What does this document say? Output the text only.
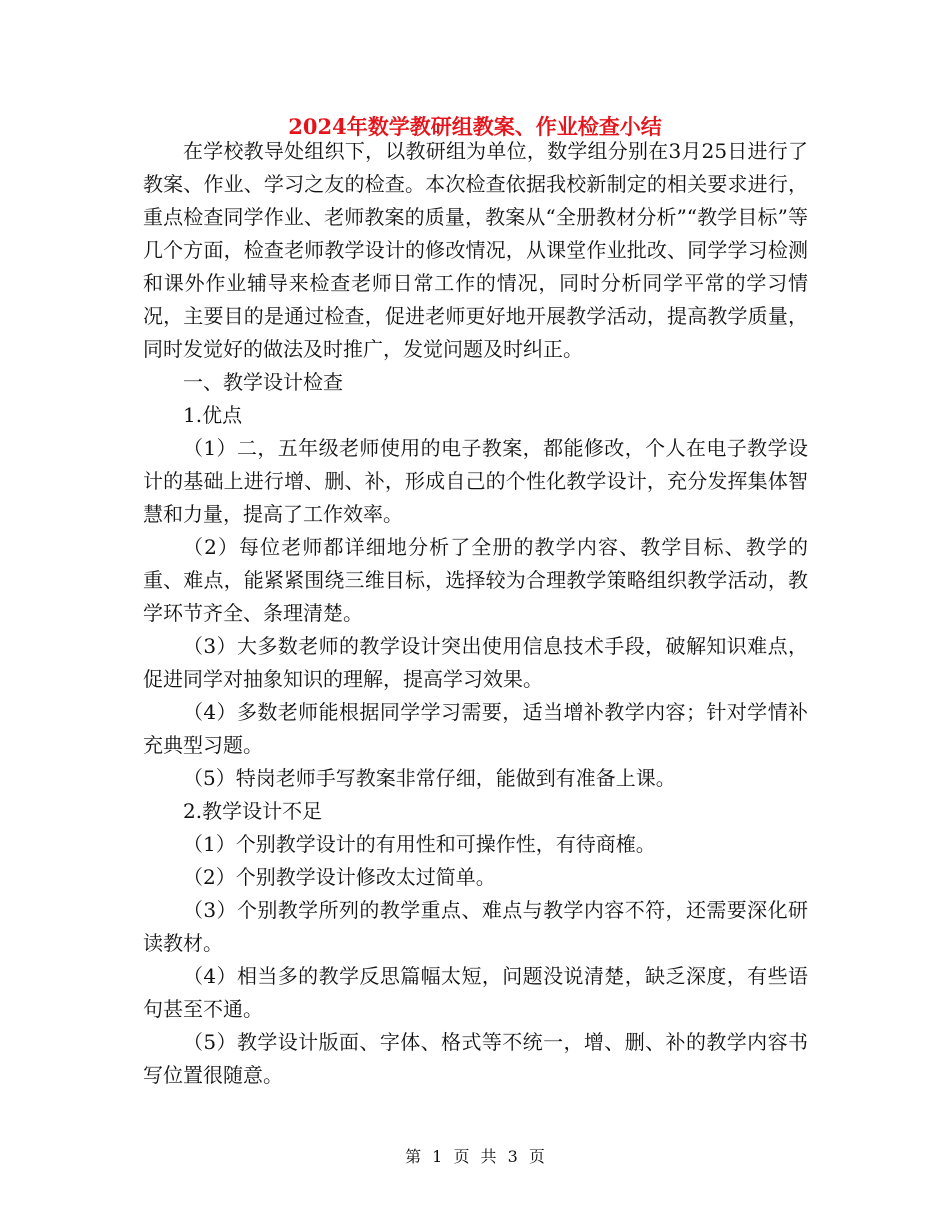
2024年数学教研组教案、作业检查小结

在学校教导处组织下，以教研组为单位，数学组分别在3月25日进行了教案、作业、学习之友的检查。本次检查依据我校新制定的相关要求进行，重点检查同学作业、老师教案的质量，教案从“全册教材分析”“教学目标”等几个方面，检查老师教学设计的修改情况，从课堂作业批改、同学学习检测和课外作业辅导来检查老师日常工作的情况，同时分析同学平常的学习情况，主要目的是通过检查，促进老师更好地开展教学活动，提高教学质量，同时发觉好的做法及时推广，发觉问题及时纠正。

一、教学设计检查

1.优点

（1）二，五年级老师使用的电子教案，都能修改，个人在电子教学设计的基础上进行增、删、补，形成自己的个性化教学设计，充分发挥集体智慧和力量，提高了工作效率。

（2）每位老师都详细地分析了全册的教学内容、教学目标、教学的重、难点，能紧紧围绕三维目标，选择较为合理教学策略组织教学活动，教学环节齐全、条理清楚。

（3）大多数老师的教学设计突出使用信息技术手段，破解知识难点，促进同学对抽象知识的理解，提高学习效果。

（4）多数老师能根据同学学习需要，适当增补教学内容；针对学情补充典型习题。

（5）特岗老师手写教案非常仔细，能做到有准备上课。

2.教学设计不足

（1）个别教学设计的有用性和可操作性，有待商榷。

（2）个别教学设计修改太过简单。

（3）个别教学所列的教学重点、难点与教学内容不符，还需要深化研读教材。

（4）相当多的教学反思篇幅太短，问题没说清楚，缺乏深度，有些语句甚至不通。

（5）教学设计版面、字体、格式等不统一，增、删、补的教学内容书写位置很随意。

第 1 页 共 3 页
